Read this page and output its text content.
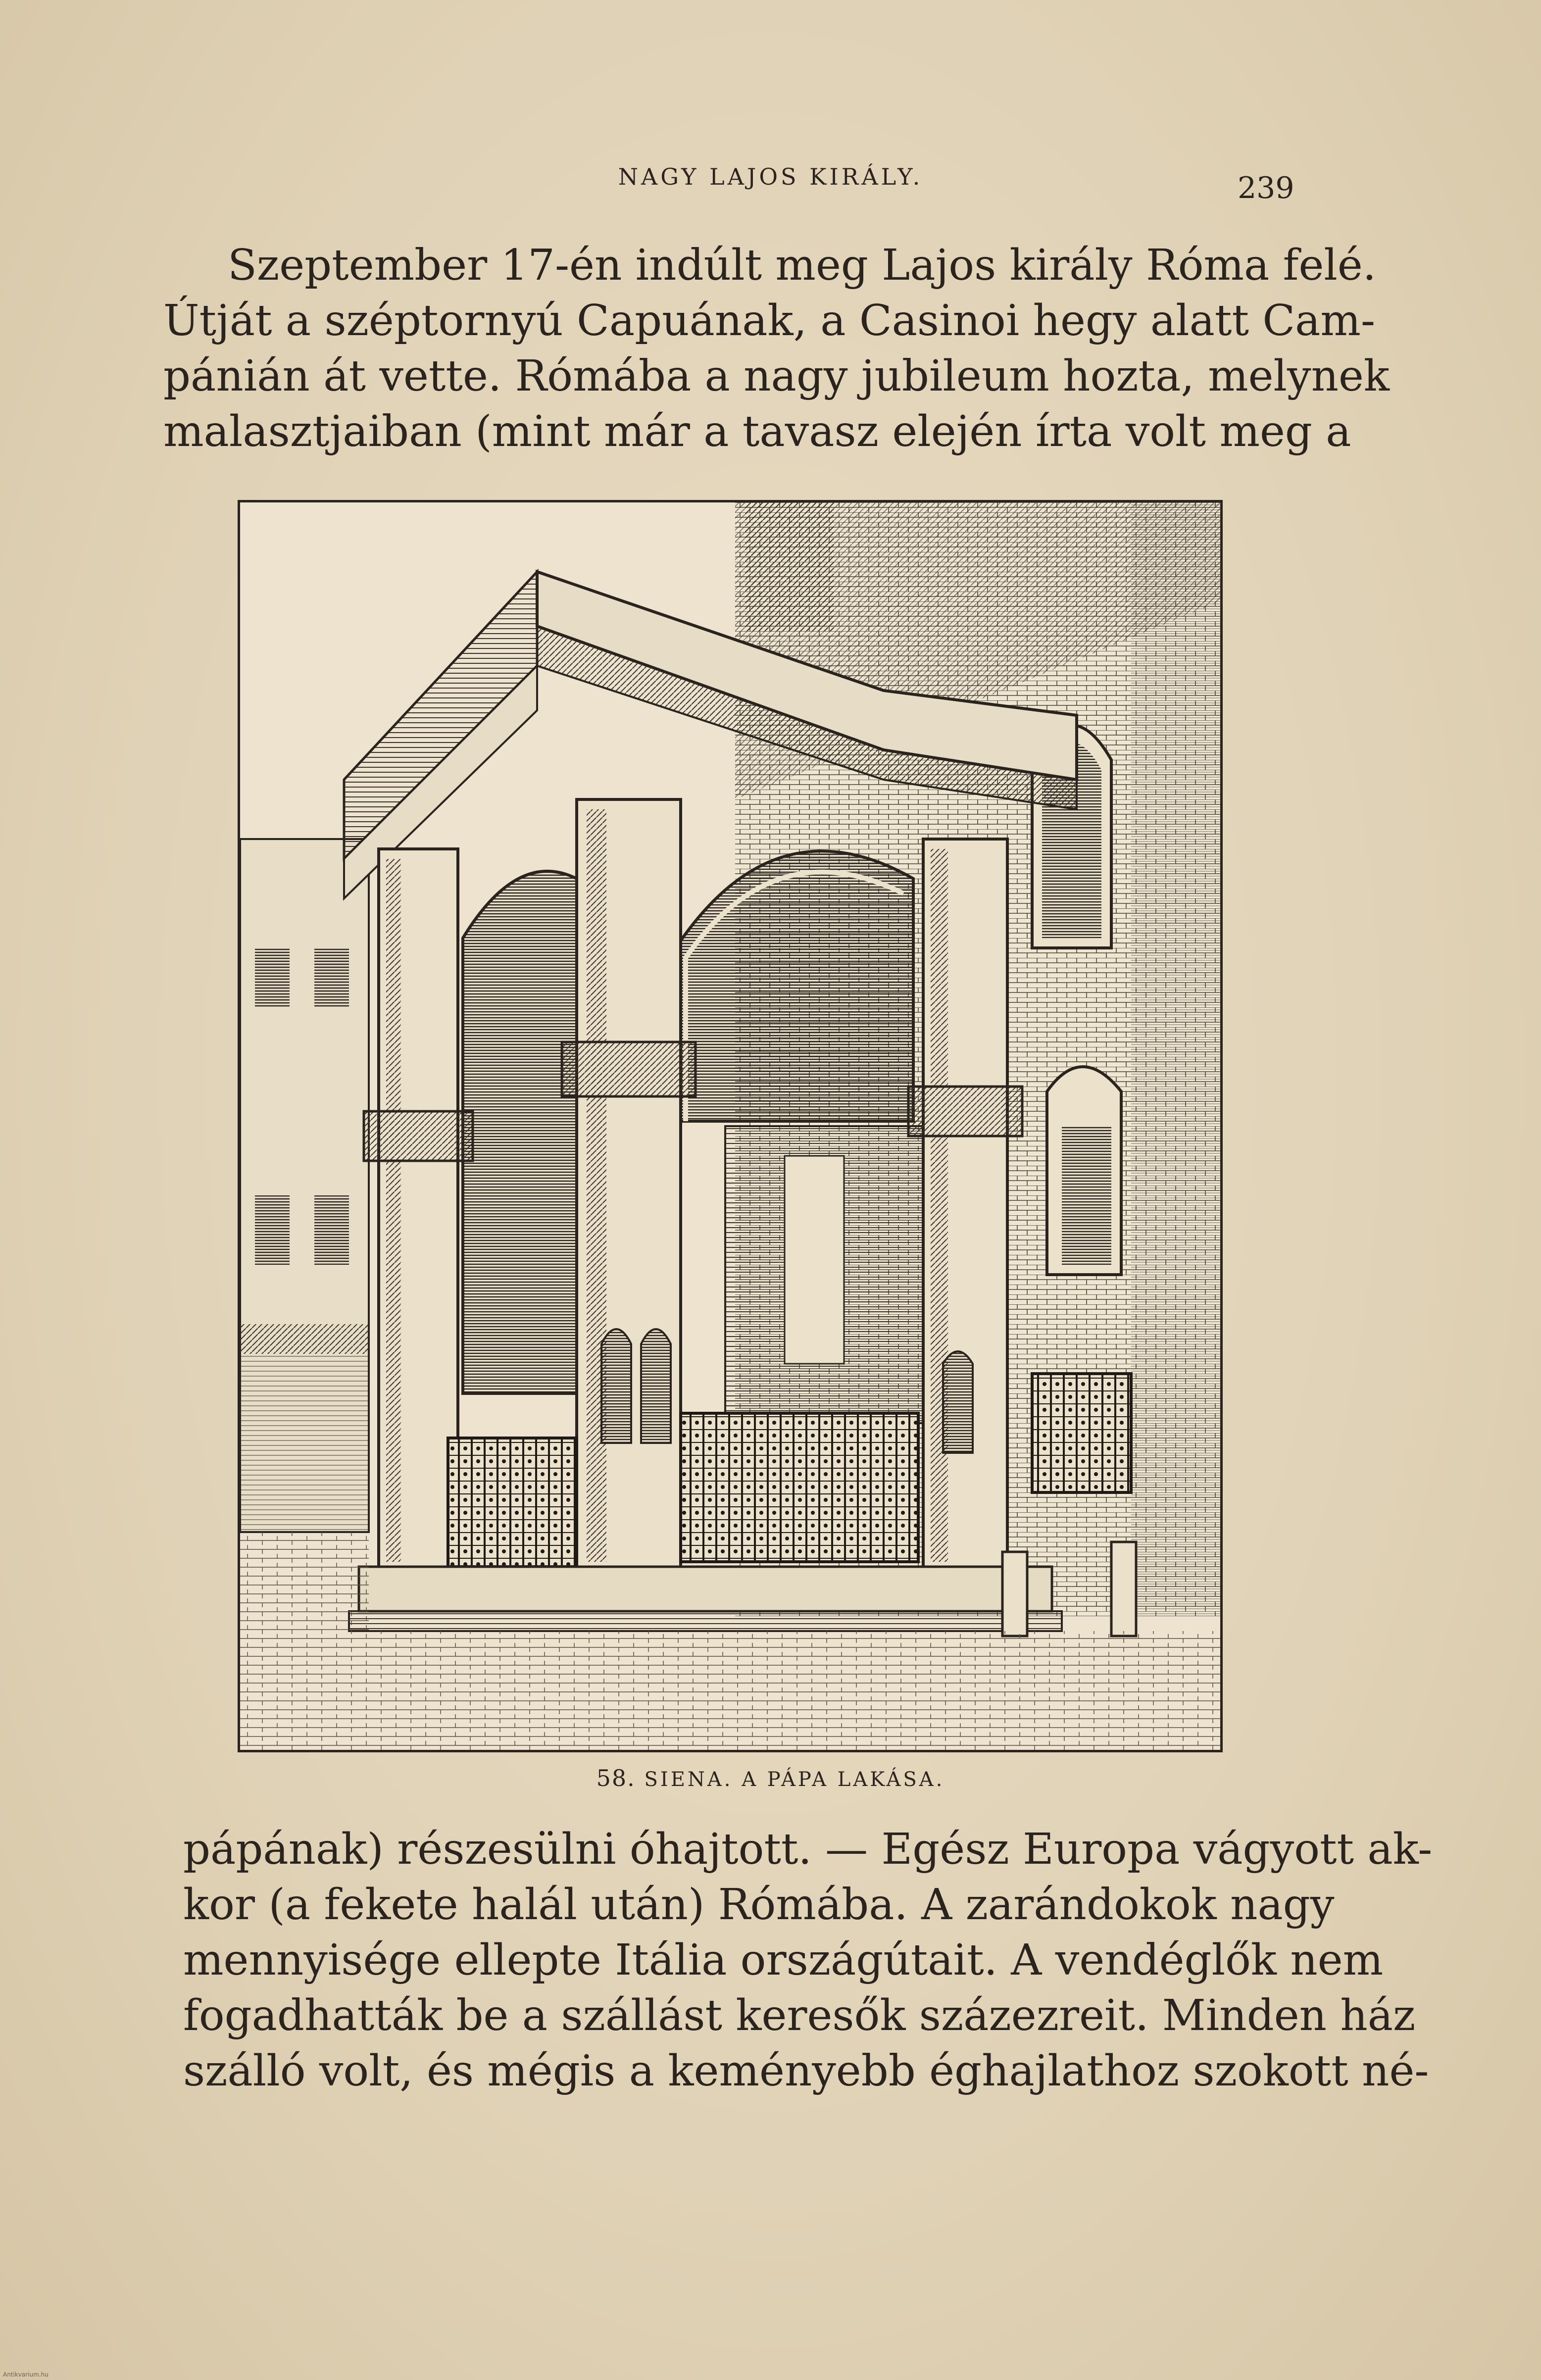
NAGY LAJOS KIRÁLY.	239
Szeptember 17-én indúlt meg Lajos király Róma felé.
Útját a széptornyú Capuának, a Casinoi hegy alatt Cam-
pánián át vette. Rómába a nagy jubileum hozta, melynek
malasztjaiban (mint már a tavasz elején írta volt meg a
58. SIENA. A PÁPA LAKÁSA.
pápának) részesülni óhajtott. — Egész Europa vágyott ak-
kor (a fekete halál után) Rómába. A zarándokok nagy
mennyisége ellepte Itália országútait. A vendéglők nem
fogadhatták be a szállást keresők százezreit. Minden ház
szálló volt, és mégis a keményebb éghajlathoz szokott né-
Antikvarium.hu
